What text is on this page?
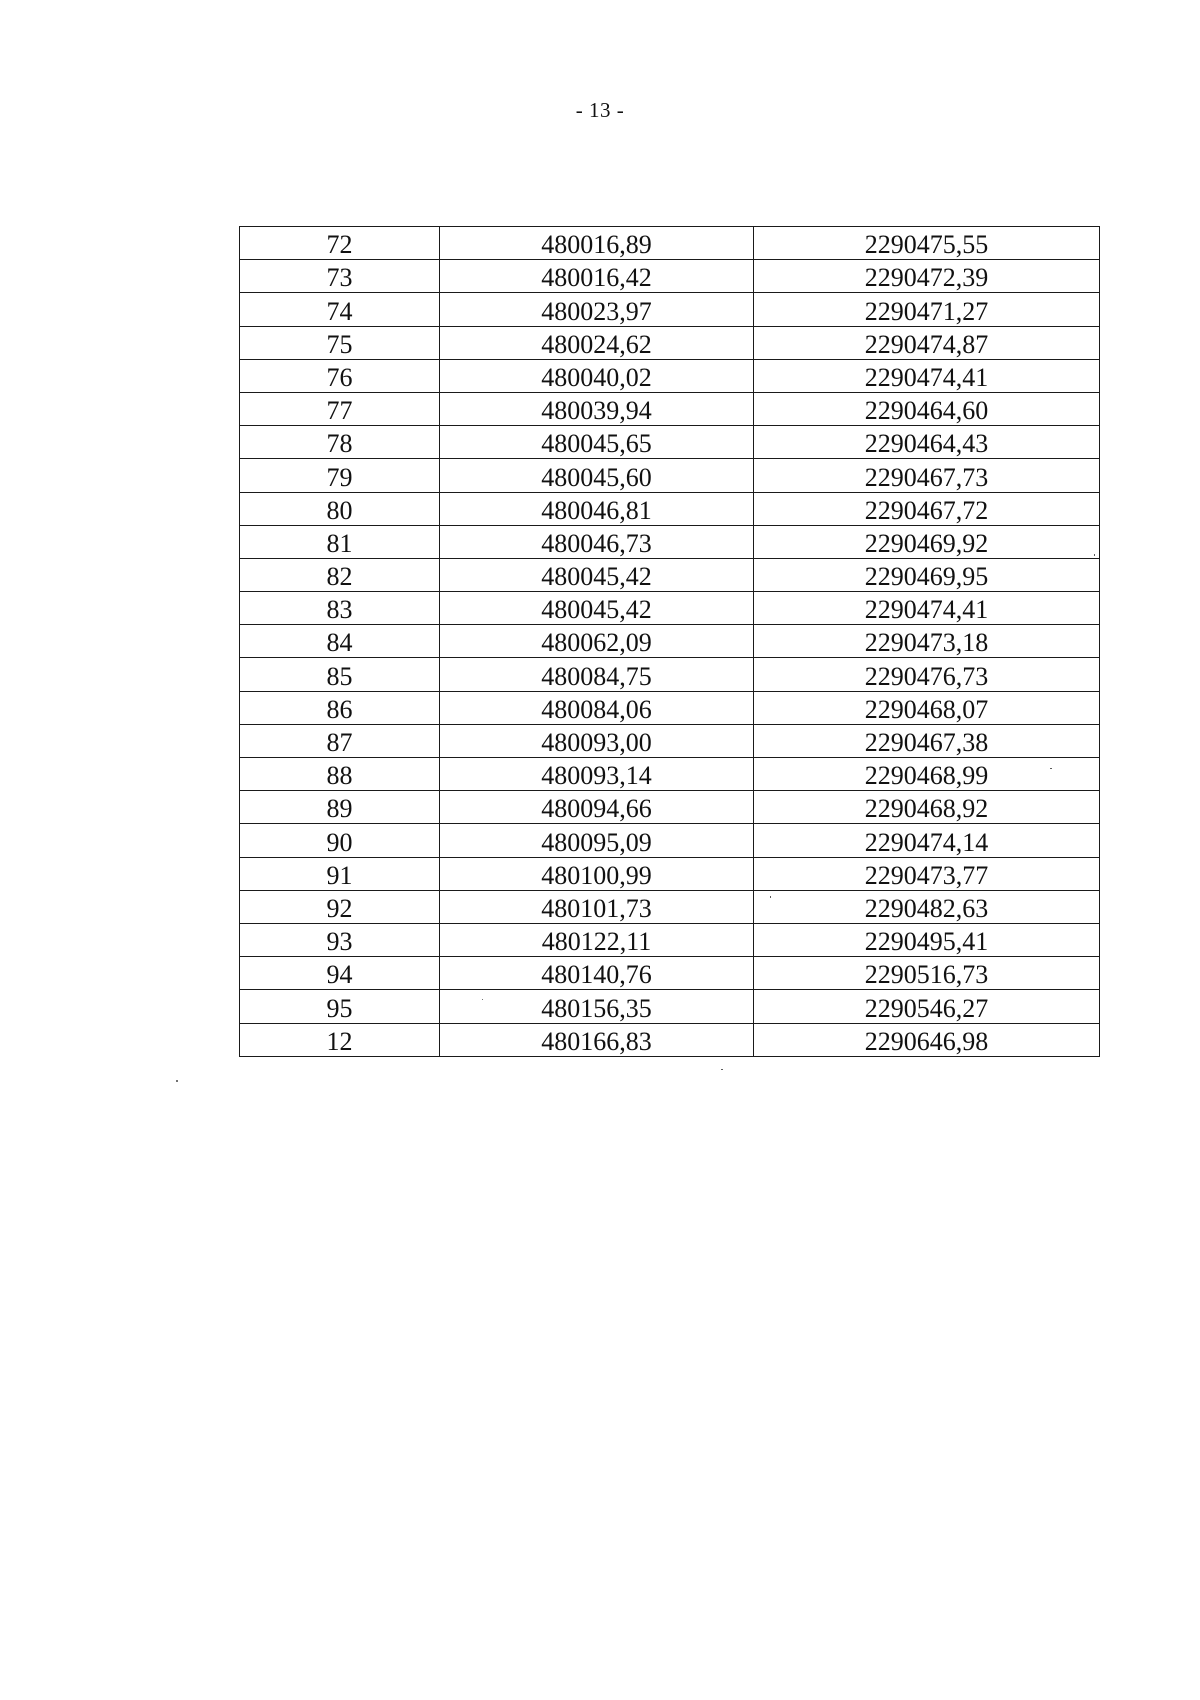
- 13 -
72	480016,89	2290475,55
73	480016,42	2290472,39
74	480023,97	2290471,27
75	480024,62	2290474,87
76	480040,02	2290474,41
77	480039,94	2290464,60
78	480045,65	2290464,43
79	480045,60	2290467,73
80	480046,81	2290467,72
81	480046,73	2290469,92
82	480045,42	2290469,95
83	480045,42	2290474,41
84	480062,09	2290473,18
85	480084,75	2290476,73
86	480084,06	2290468,07
87	480093,00	2290467,38
88	480093,14	2290468,99
89	480094,66	2290468,92
90	480095,09	2290474,14
91	480100,99	2290473,77
92	480101,73	2290482,63
93	480122,11	2290495,41
94	480140,76	2290516,73
95	480156,35	2290546,27
12	480166,83	2290646,98
